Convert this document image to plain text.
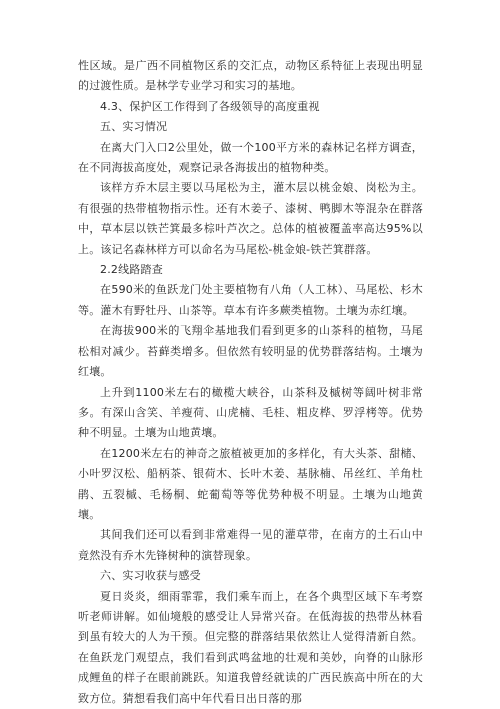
性区域。是广西不同植物区系的交汇点，动物区系特征上表现出明显的过渡性质。是林学专业学习和实习的基地。

4.3、保护区工作得到了各级领导的高度重视

五、实习情况

在离大门入口2公里处，做一个100平方米的森林记名样方调查，在不同海拔高度处，观察记录各海拔出的植物种类。

该样方乔木层主要以马尾松为主，灌木层以桃金娘、岗松为主。有很强的热带植物指示性。还有木姜子、漆树、鸭脚木等混杂在群落中，草本层以铁芒箕最多棕叶芦次之。总体的植被覆盖率高达95%以上。该记名森林样方可以命名为马尾松-桃金娘-铁芒箕群落。

2.2线路踏查

在590米的鱼跃龙门处主要植物有八角（人工林）、马尾松、杉木等。灌木有野牡丹、山茶等。草本有许多蕨类植物。土壤为赤红壤。

在海拔900米的飞翔伞基地我们看到更多的山茶科的植物，马尾松相对减少。苔藓类增多。但依然有较明显的优势群落结构。土壤为红壤。

上升到1100米左右的橄榄大峡谷，山茶科及槭树等阔叶树非常多。有深山含笑、羊瘦荷、山虎楠、毛桂、粗皮桦、罗浮栲等。优势种不明显。土壤为山地黄壤。

在1200米左右的神奇之旅植被更加的多样化，有大头茶、甜槠、小叶罗汉松、船柄茶、银荷木、长叶木姜、基脉楠、吊丝红、羊角杜鹃、五裂槭、毛杨桐、蛇葡萄等等优势种极不明显。土壤为山地黄壤。

其间我们还可以看到非常难得一见的灌草带，在南方的土石山中竟然没有乔木先锋树种的演替现象。

六、实习收获与感受

夏日炎炎，细雨霏霏，我们乘车而上，在各个典型区域下车考察听老师讲解。如仙境般的感受让人异常兴奋。在低海拔的热带丛林看到虽有较大的人为干预。但完整的群落结果依然让人觉得清新自然。在鱼跃龙门观望点，我们看到武鸣盆地的壮观和美妙，向脊的山脉形成鲤鱼的样子在眼前跳跃。知道我曾经就读的广西民族高中所在的大致方位。猜想看我们高中年代看日出日落的那
